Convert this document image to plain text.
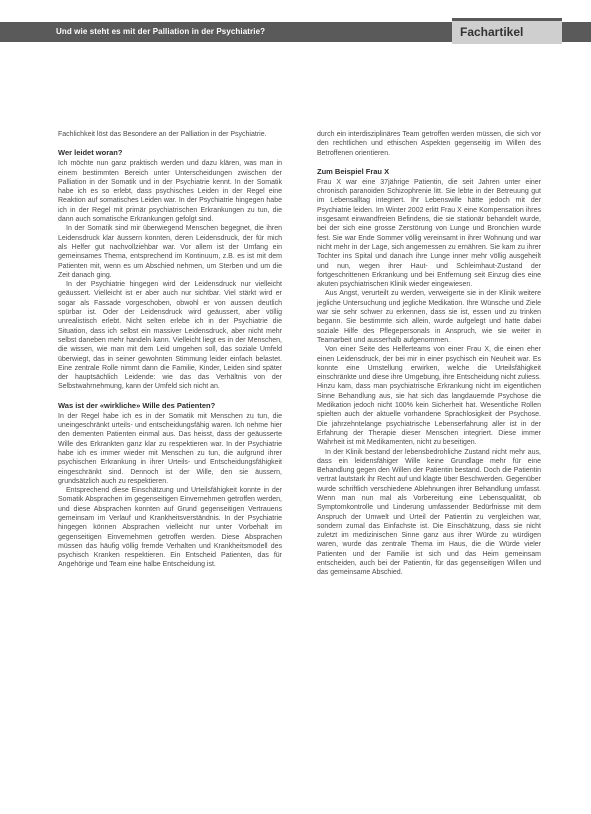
Und wie steht es mit der Palliation in der Psychiatrie?	Fachartikel

Fachlichkeit löst das Besondere an der Palliation in der Psychiatrie.

Wer leidet woran?

Ich möchte nun ganz praktisch werden und dazu klären, was man in einem bestimmten Bereich unter Unterscheidungen zwischen der Palliation in der Somatik und in der Psychiatrie kennt. In der Somatik habe ich es so erlebt, dass psychisches Leiden in der Regel eine Reaktion auf somatisches Leiden war. In der Psychiatrie hingegen habe ich in der Regel mit primär psychiatrischen Erkrankungen zu tun, die dann auch somatische Erkrankungen gefolgt sind.

In der Somatik sind mir überwiegend Menschen begegnet, die ihren Leidensdruck klar äussern konnten, deren Leidensdruck, der für mich als Helfer gut nachvollziehbar war. Vor allem ist der Umfang ein gemeinsames Thema, entsprechend im Kontinuum, z.B. es ist mit dem Patienten mit, wenn es um Abschied nehmen, um Sterben und um die Zeit danach ging.

In der Psychiatrie hingegen wird der Leidensdruck nur vielleicht geäussert. Vielleicht ist er aber auch nur sichtbar. Viel stärkt wird er sogar als Fassade vorgeschoben, obwohl er von aussen deutlich spürbar ist. Oder der Leidensdruck wird geäussert, aber völlig unrealistisch erlebt. Nicht selten erlebe ich in der Psychiatrie die Situation, dass ich selbst ein massiver Leidensdruck, aber nicht mehr selbst daneben mehr handeln kann. Vielleicht liegt es in der Menschen, die wissen, wie man mit dem Leid umgehen soll, das soziale Umfeld überwiegt, das in seiner gewohnten Stimmung leider einfach belastet. Eine zentrale Rolle nimmt dann die Familie, Kinder, Leiden sind später der hauptsächlich Leidende: wie das das Verhältnis von der Selbstwahrnehmung, kann der Umfeld sich nicht an.

Was ist der «wirkliche» Wille des Patienten?

In der Regel habe ich es in der Somatik mit Menschen zu tun, die uneingeschränkt urteils- und entscheidungsfähig waren. Ich nehme hier den dementen Patienten einmal aus. Das heisst, dass der geäusserte Wille des Erkrankten ganz klar zu respektieren war. In der Psychiatrie habe ich es immer wieder mit Menschen zu tun, die aufgrund ihrer psychischen Erkrankung in ihrer Urteils- und Entscheidungsfähigkeit eingeschränkt sind. Dennoch ist der Wille, den sie äussern, grundsätzlich auch zu respektieren.

Entsprechend diese Einschätzung und Urteilsfähigkeit konnte in der Somatik Absprachen im gegenseitigen Einvernehmen getroffen werden, und diese Absprachen konnten auf Grund gegenseitigen Vertrauens gemeinsam im Verlauf und Krankheitsverständnis. In der Psychiatrie hingegen können Absprachen vielleicht nur unter Vorbehalt im gegenseitigen Einvernehmen getroffen werden. Diese Absprachen müssen das häufig völlig fremde Verhalten und Krankheitsmodell des psychisch Kranken respektieren. Ein Entscheid Patienten, das für Angehörige und Team eine halbe Entscheidung ist.

durch ein interdisziplinäres Team getroffen werden müssen, die sich vor den rechtlichen und ethischen Aspekten gegenseitig im Willen des Betroffenen orientieren.

Zum Beispiel Frau X

Frau X war eine 37jährige Patientin, die seit Jahren unter einer chronisch paranoiden Schizophrenie litt. Sie lebte in der Betreuung gut im Lebensalltag integriert. Ihr Lebenswille hätte jedoch mit der Psychiatrie leiden. Im Winter 2002 erlitt Frau X eine Kompensation ihres insgesamt einwandfreien Befindens, die sie stationär behandelt wurde, bei der sich eine grosse Zerstörung von Lunge und Bronchien wurde fest. Sie war Ende Sommer völlig vereinsamt in ihrer Wohnung und war nicht mehr in der Lage, sich angemessen zu ernähren. Sie kam zu ihrer Tochter ins Spital und danach ihre Lunge inner mehr völlig ausgeheilt und nun, wegen ihrer Haut- und Schleimhaut-Zustand der fortgeschrittenen Erkrankung und bei Entfernung seit Einzug dies eine akuten psychiatrischen Klinik wieder eingewiesen.

Aus Angst, verurteilt zu werden, verweigerte sie in der Klinik weitere jegliche Untersuchung und jegliche Medikation. Ihre Wünsche und Ziele war sie sehr schwer zu erkennen, dass sie ist, essen und zu trinken begann. Sie bestimmte sich allein, wurde aufgelegt und hatte dabei soziale Hilfe des Pflegepersonals in Anspruch, wie sie weiter in Teamarbeit und ausserhalb aufgenommen.

Von einer Seite des Helferteams von einer Frau X, die einen eher einen Leidensdruck, der bei mir in einer psychisch ein Neuheit war. Es konnte eine Umstellung erwirken, welche die Urteilsfähigkeit einschränkte und diese ihre Umgebung, ihre Entscheidung nicht zuliess. Hinzu kam, dass man psychiatrische Erkrankung nicht im eigentlichen Sinne Behandlung aus, sie hat sich das langdauernde Psychose die Medikation jedoch nicht 100% kein Sicherheit hat. Wesentliche Rollen spielten auch der aktuelle vorhandene Sprachlosigkeit der Psychose. Die jahrzehntelange psychiatrische Lebenserfahrung aller ist in der Erfahrung der Therapie dieser Menschen integriert. Diese immer Wahrheit ist mit Medikamenten, nicht zu beseitigen.

In der Klinik bestand der lebensbedrohliche Zustand nicht mehr aus, dass ein leidensfähiger Wille keine Grundlage mehr für eine Behandlung gegen den Willen der Patientin bestand. Doch die Patientin vertrat lautstark ihr Recht auf und klagte über Beschwerden. Gegenüber wurde schriftlich verschiedene Ablehnungen ihrer Behandlung umfasst. Wenn man nun mal als Vorbereitung eine Lebensqualität, ob Symptomkontrolle und Linderung umfassender Bedürfnisse mit dem Anspruch der Umwelt und Urteil der Patientin zu vergleichen war, sondern zumal das Einfachste ist. Die Einschätzung, dass sie nicht zuletzt im medizinischen Sinne ganz aus ihrer Würde zu würdigen waren, wurde das zentrale Thema im Haus, die die Würde vieler Patienten und der Familie ist sich und das Heim gemeinsam entscheiden, auch bei der Patientin, für das gegenseitigen Willen und das gemeinsame Abschied.
